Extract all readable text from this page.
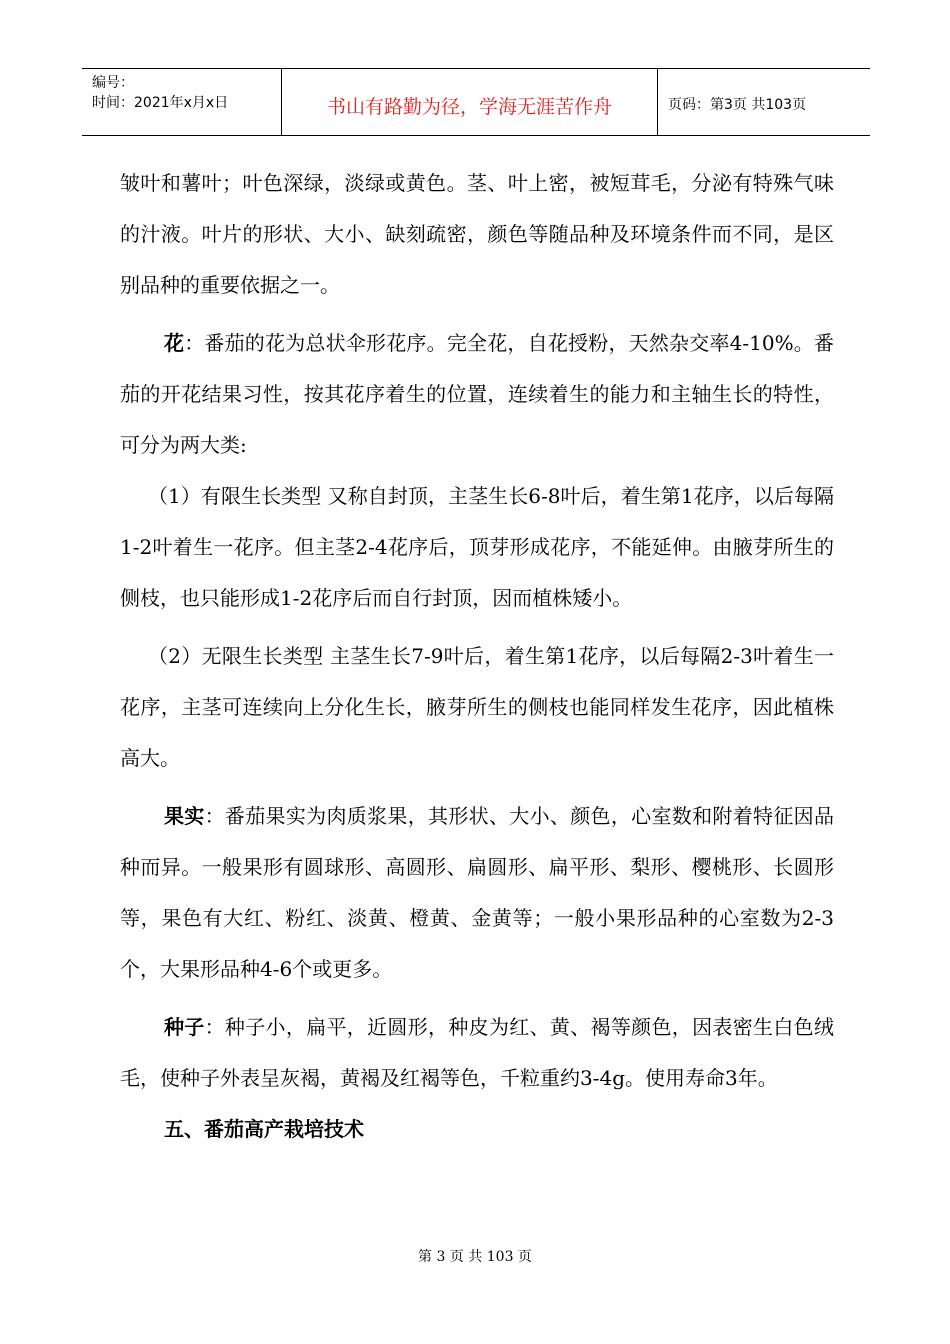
编号：
时间：2021年x月x日	书山有路勤为径，学海无涯苦作舟	页码：第3页 共103页

皱叶和薯叶；叶色深绿，淡绿或黄色。茎、叶上密，被短茸毛，分泌有特殊气味的汁液。叶片的形状、大小、缺刻疏密，颜色等随品种及环境条件而不同，是区别品种的重要依据之一。

花：番茄的花为总状伞形花序。完全花，自花授粉，天然杂交率4-10%。番茄的开花结果习性，按其花序着生的位置，连续着生的能力和主轴生长的特性，可分为两大类:

（1）有限生长类型 又称自封顶，主茎生长6-8叶后，着生第1花序，以后每隔1-2叶着生一花序。但主茎2-4花序后，顶芽形成花序，不能延伸。由腋芽所生的侧枝，也只能形成1-2花序后而自行封顶，因而植株矮小。

（2）无限生长类型 主茎生长7-9叶后，着生第1花序，以后每隔2-3叶着生一花序，主茎可连续向上分化生长，腋芽所生的侧枝也能同样发生花序，因此植株高大。

果实：番茄果实为肉质浆果，其形状、大小、颜色，心室数和附着特征因品种而异。一般果形有圆球形、高圆形、扁圆形、扁平形、梨形、樱桃形、长圆形等，果色有大红、粉红、淡黄、橙黄、金黄等；一般小果形品种的心室数为2-3个，大果形品种4-6个或更多。

种子：种子小，扁平，近圆形，种皮为红、黄、褐等颜色，因表密生白色绒毛，使种子外表呈灰褐，黄褐及红褐等色，千粒重约3-4g。使用寿命3年。

五、番茄高产栽培技术

第 3 页 共 103 页
